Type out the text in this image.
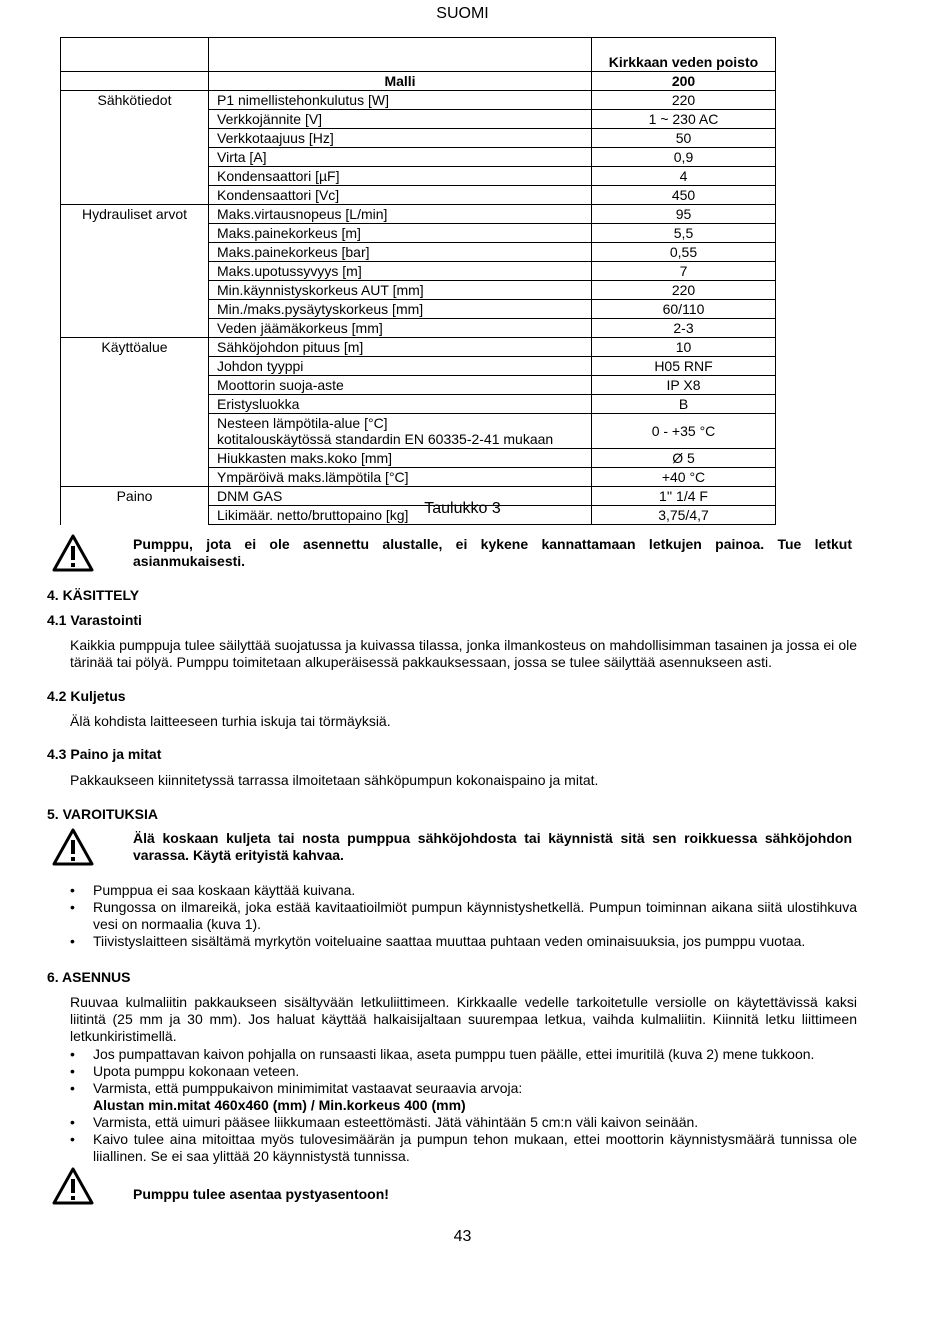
SUOMI
		Kirkkaan veden poisto
	Malli	200
Sähkötiedot	P1 nimellistehonkulutus [W]	220
	Verkkojännite [V]	1 ~ 230 AC
	Verkkotaajuus [Hz]	50
	Virta [A]	0,9
	Kondensaattori [µF]	4
	Kondensaattori [Vc]	450
Hydrauliset arvot	Maks.virtausnopeus [L/min]	95
	Maks.painekorkeus [m]	5,5
	Maks.painekorkeus [bar]	0,55
	Maks.upotussyvyys [m]	7
	Min.käynnistyskorkeus AUT [mm]	220
	Min./maks.pysäytyskorkeus [mm]	60/110
	Veden jäämäkorkeus [mm]	2-3
Käyttöalue	Sähköjohdon pituus [m]	10
	Johdon tyyppi	H05 RNF
	Moottorin suoja-aste	IP X8
	Eristysluokka	B
	Nesteen lämpötila-alue [°C]
kotitalouskäytössä standardin EN 60335-2-41 mukaan	0 - +35 °C
	Hiukkasten maks.koko [mm]	Ø 5
	Ympäröivä maks.lämpötila [°C]	+40 °C
Paino	DNM GAS	1'' 1/4 F
	Likimäär. netto/bruttopaino [kg]	3,75/4,7
Taulukko 3
Pumppu, jota ei ole asennettu alustalle, ei kykene kannattamaan letkujen painoa. Tue letkut asianmukaisesti.
4. KÄSITTELY
4.1 Varastointi
Kaikkia pumppuja tulee säilyttää suojatussa ja kuivassa tilassa, jonka ilmankosteus on mahdollisimman tasainen ja jossa ei ole tärinää tai pölyä. Pumppu toimitetaan alkuperäisessä pakkauksessaan, jossa se tulee säilyttää asennukseen asti.
4.2 Kuljetus
Älä kohdista laitteeseen turhia iskuja tai törmäyksiä.
4.3 Paino ja mitat
Pakkaukseen kiinnitetyssä tarrassa ilmoitetaan sähköpumpun kokonaispaino ja mitat.
5. VAROITUKSIA
Älä koskaan kuljeta tai nosta pumppua sähköjohdosta tai käynnistä sitä sen roikkuessa sähköjohdon varassa. Käytä erityistä kahvaa.
• Pumppua ei saa koskaan käyttää kuivana.
• Rungossa on ilmareikä, joka estää kavitaatioilmiöt pumpun käynnistyshetkellä. Pumpun toiminnan aikana siitä ulostihkuva vesi on normaalia (kuva 1).
• Tiivistyslaitteen sisältämä myrkytön voiteluaine saattaa muuttaa puhtaan veden ominaisuuksia, jos pumppu vuotaa.
6. ASENNUS
Ruuvaa kulmaliitin pakkaukseen sisältyvään letkuliittimeen. Kirkkaalle vedelle tarkoitetulle versiolle on käytettävissä kaksi liitintä (25 mm ja 30 mm). Jos haluat käyttää halkaisijaltaan suurempaa letkua, vaihda kulmaliitin. Kiinnitä letku liittimeen letkunkiristimellä.
• Jos pumpattavan kaivon pohjalla on runsaasti likaa, aseta pumppu tuen päälle, ettei imuritilä (kuva 2) mene tukkoon.
• Upota pumppu kokonaan veteen.
• Varmista, että pumppukaivon minimimitat vastaavat seuraavia arvoja:
Alustan min.mitat 460x460 (mm) / Min.korkeus 400 (mm)
• Varmista, että uimuri pääsee liikkumaan esteettömästi. Jätä vähintään 5 cm:n väli kaivon seinään.
• Kaivo tulee aina mitoittaa myös tulovesimäärän ja pumpun tehon mukaan, ettei moottorin käynnistysmäärä tunnissa ole liiallinen. Se ei saa ylittää 20 käynnistystä tunnissa.
Pumppu tulee asentaa pystyasentoon!
43
